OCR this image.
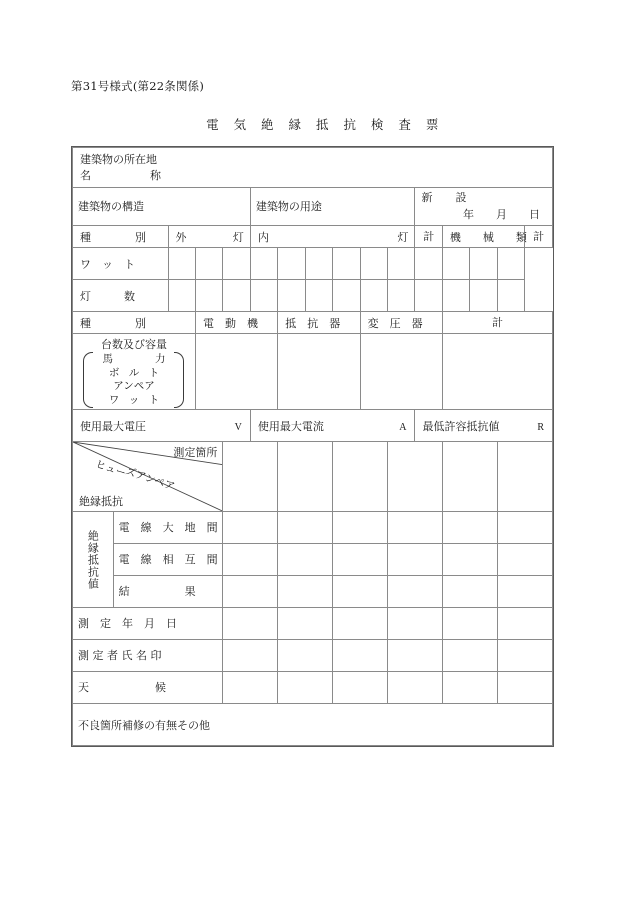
第31号様式(第22条関係)
電 気 絶 縁 抵 抗 検 査 票
建築物の所在地
名 称															

建築物の構造					建築物の用途						新　設
年 月 日				

種　　　　別		外 灯			内 灯						計	機　　械　　類			計

ワ　ッ　ト															

灯　　　数															

種　　　　別			電　動　機			抵　抗　器			変　圧　器			計			

台数及び容量
馬　　力
ボ ル ト
アンペア
ワ ッ ト															

使用最大電圧 V					使用最大電流 A						最低許容抵抗値 R				

測定箇所
ヒューズアンペア
絶縁抵抗															

絶縁抵抗値	電　線　大　地　間														

	電　線　相　互　間														

	結　　　　　果														

測　定　年　月　日															

測 定 者 氏 名 印															

天　　　　　　候															

不良箇所補修の有無その他															
